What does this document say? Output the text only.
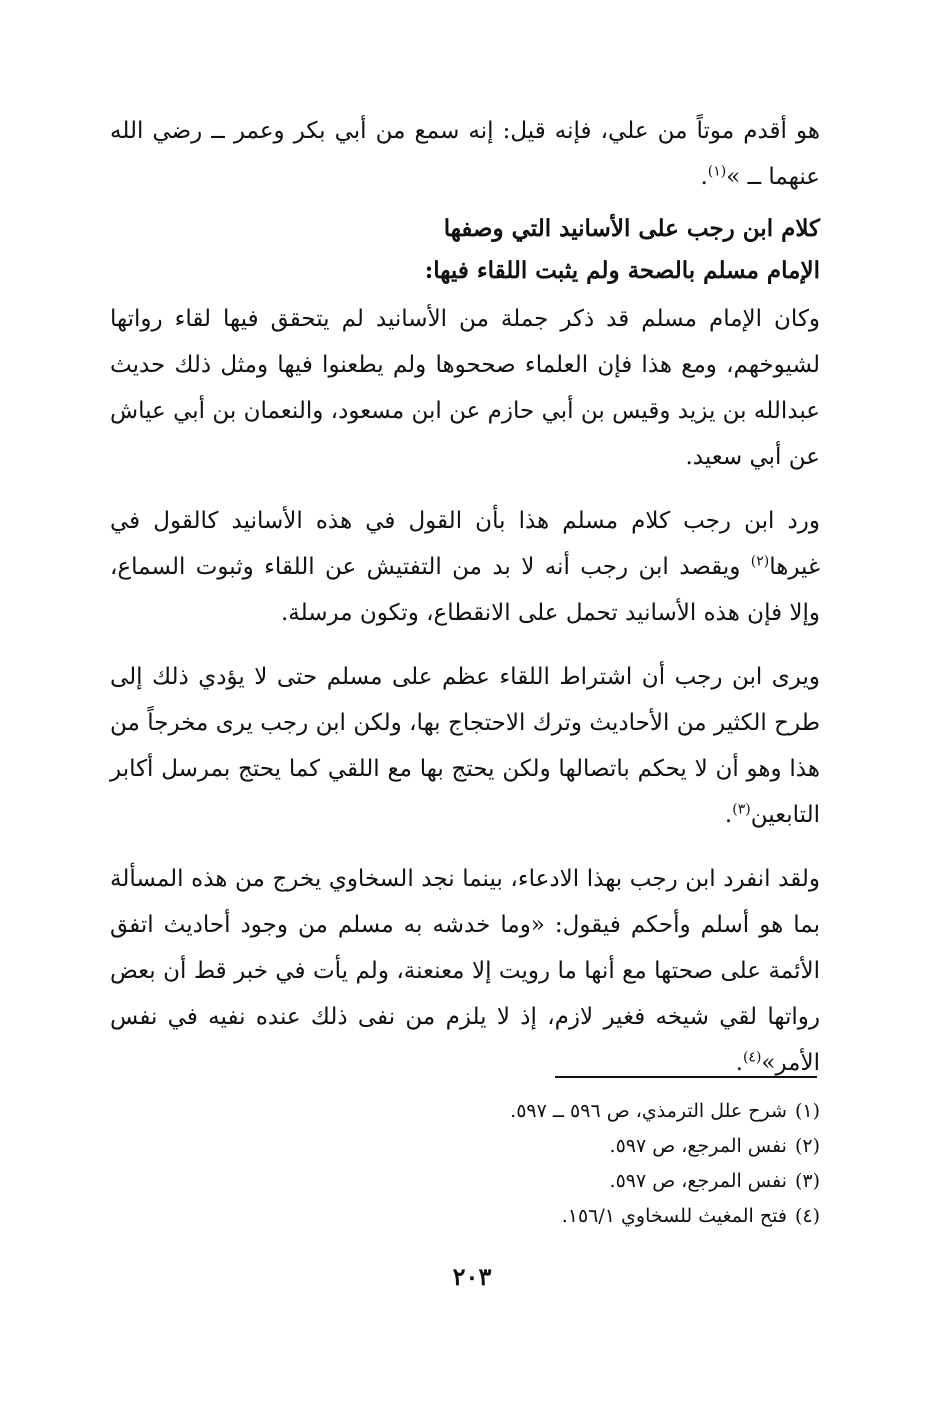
هو أقدم موتاً من علي، فإنه قيل: إنه سمع من أبي بكر وعمر ــ رضي الله عنهما ــ »$^{(١)}$.

كلام ابن رجب على الأسانيد التي وصفها

الإمام مسلم بالصحة ولم يثبت اللقاء فيها:

وكان الإمام مسلم قد ذكر جملة من الأسانيد لم يتحقق فيها لقاء رواتها لشيوخهم، ومع هذا فإن العلماء صححوها ولم يطعنوا فيها ومثل ذلك حديث عبدالله بن يزيد وقيس بن أبي حازم عن ابن مسعود، والنعمان بن أبي عياش عن أبي سعيد.

ورد ابن رجب كلام مسلم هذا بأن القول في هذه الأسانيد كالقول في غيرها$^{(٢)}$ ويقصد ابن رجب أنه لا بد من التفتيش عن اللقاء وثبوت السماع، وإلا فإن هذه الأسانيد تحمل على الانقطاع، وتكون مرسلة.

ويرى ابن رجب أن اشتراط اللقاء عظم على مسلم حتى لا يؤدي ذلك إلى طرح الكثير من الأحاديث وترك الاحتجاج بها، ولكن ابن رجب يرى مخرجاً من هذا وهو أن لا يحكم باتصالها ولكن يحتج بها مع اللقي كما يحتج بمرسل أكابر التابعين$^{(٣)}$.

ولقد انفرد ابن رجب بهذا الادعاء، بينما نجد السخاوي يخرج من هذه المسألة بما هو أسلم وأحكم فيقول: «وما خدشه به مسلم من وجود أحاديث اتفق الأئمة على صحتها مع أنها ما رويت إلا معنعنة، ولم يأت في خبر قط أن بعض رواتها لقي شيخه فغير لازم، إذ لا يلزم من نفى ذلك عنده نفيه في نفس الأمر»$^{(٤)}$.

(١)شرح علل الترمذي، ص ٥٩٦ ــ ٥٩٧.
(٢)نفس المرجع، ص ٥٩٧.
(٣)نفس المرجع، ص ٥٩٧.
(٤)فتح المغيث للسخاوي ١٥٦/١.
٢٠٣
